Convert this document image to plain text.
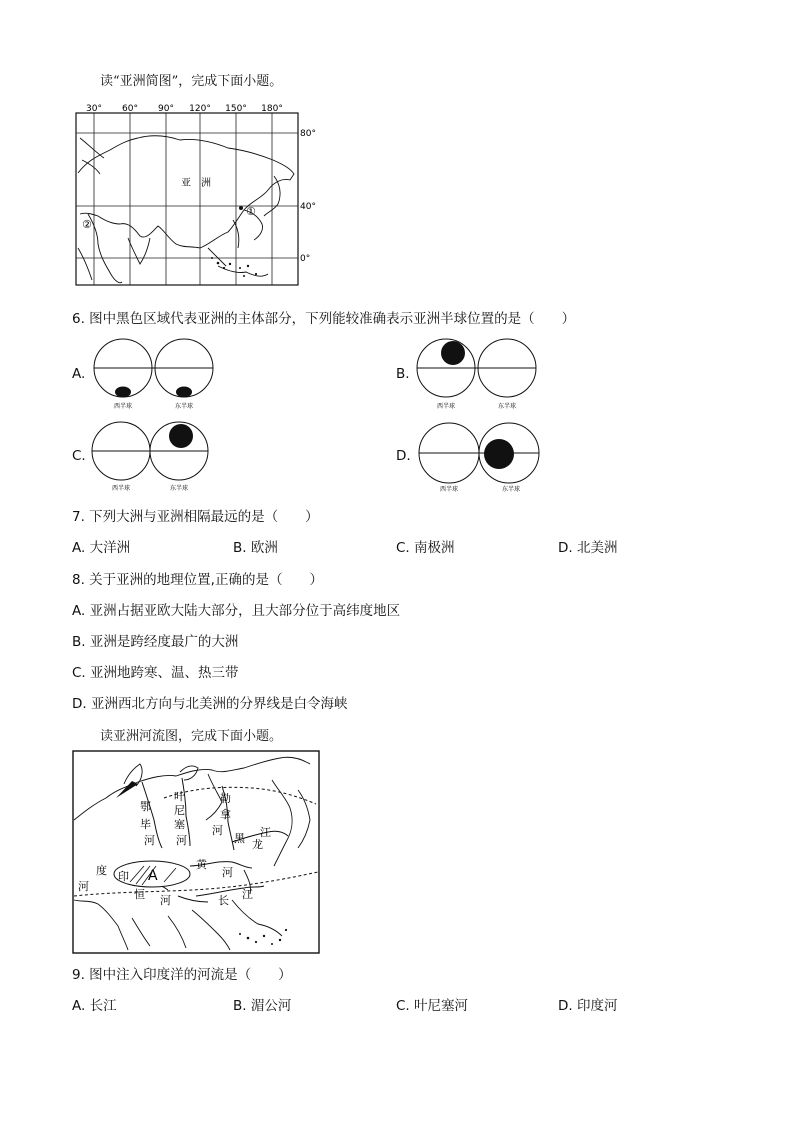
读“亚洲简图”，完成下面小题。
30° 60° 90° 120° 150° 180°
80°
40°
0°
亚　洲
①
②
6. 图中黑色区域代表亚洲的主体部分，下列能较准确表示亚洲半球位置的是（　　）
A.
西半球	东半球
B.
西半球	东半球
C.
西半球	东半球
D.
西半球	东半球
7. 下列大洲与亚洲相隔最远的是（　　）
A. 大洋洲	B. 欧洲	C. 南极洲	D. 北美洲
8. 关于亚洲的地理位置,正确的是（　　）
A. 亚洲占据亚欧大陆大部分，且大部分位于高纬度地区
B. 亚洲是跨经度最广的大洲
C. 亚洲地跨寒、温、热三带
D. 亚洲西北方向与北美洲的分界线是白令海峡
读亚洲河流图，完成下面小题。
鄂
毕
河
叶
尼
塞
河
勒
拿
河
黑 龙
江
黄
河
度 印
河
恒 河	长 江
A
9. 图中注入印度洋的河流是（　　）
A. 长江	B. 湄公河	C. 叶尼塞河	D. 印度河
